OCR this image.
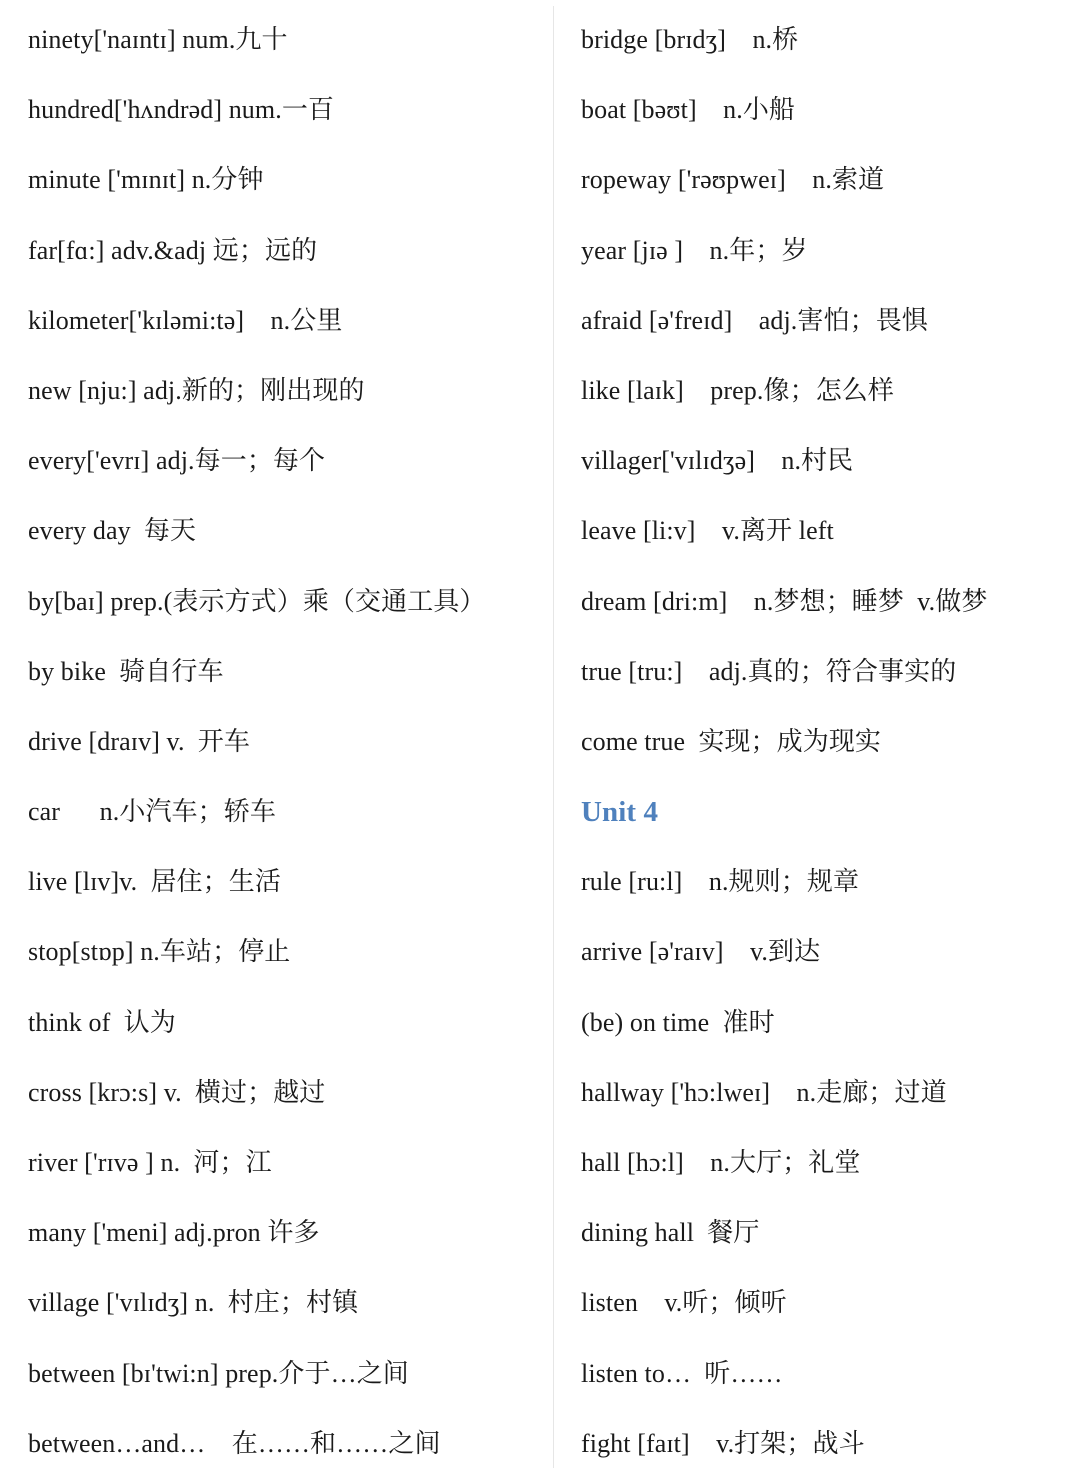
ninety['naɪntɪ] num.九十
hundred['hʌndrəd] num.一百
minute ['mɪnɪt] n.分钟
far[fɑ:] adv.&adj 远；远的
kilometer['kɪləmi:tə]    n.公里
new [nju:] adj.新的；刚出现的
every['evrɪ] adj.每一；每个
every day  每天
by[baɪ] prep.(表示方式）乘（交通工具）
by bike  骑自行车
drive [draɪv] v.  开车
car      n.小汽车；轿车
live [lɪv]v.  居住；生活
stop[stɒp] n.车站；停止
think of  认为
cross [krɔ:s] v.  横过；越过
river ['rɪvə ] n.  河；江
many ['meni] adj.pron 许多
village ['vɪlɪdʒ] n.  村庄；村镇
between [bɪ'twi:n] prep.介于…之间
between…and…    在……和……之间
bridge [brɪdʒ]    n.桥
boat [bəʊt]    n.小船
ropeway ['rəʊpweɪ]    n.索道
year [jɪə ]    n.年；岁
afraid [ə'freɪd]    adj.害怕；畏惧
like [laɪk]    prep.像；怎么样
villager['vɪlɪdʒə]    n.村民
leave [li:v]    v.离开 left
dream [dri:m]    n.梦想；睡梦  v.做梦
true [tru:]    adj.真的；符合事实的
come true  实现；成为现实
Unit 4
rule [ru:l]    n.规则；规章
arrive [ə'raɪv]    v.到达
(be) on time  准时
hallway ['hɔ:lweɪ]    n.走廊；过道
hall [hɔ:l]    n.大厅；礼堂
dining hall  餐厅
listen    v.听；倾听
listen to…  听……
fight [faɪt]    v.打架；战斗
